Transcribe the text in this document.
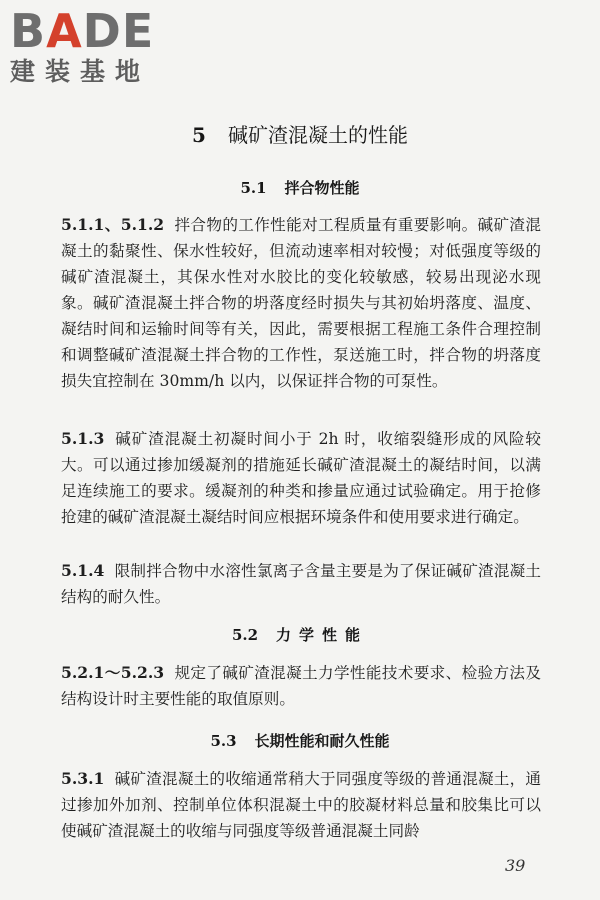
BADE
建装基地
5 碱矿渣混凝土的性能
5.1 拌合物性能

5.1.1、5.1.2 拌合物的工作性能对工程质量有重要影响。碱矿渣混凝土的黏聚性、保水性较好，但流动速率相对较慢；对低强度等级的碱矿渣混凝土，其保水性对水胶比的变化较敏感，较易出现泌水现象。碱矿渣混凝土拌合物的坍落度经时损失与其初始坍落度、温度、凝结时间和运输时间等有关，因此，需要根据工程施工条件合理控制和调整碱矿渣混凝土拌合物的工作性，泵送施工时，拌合物的坍落度损失宜控制在 30mm/h 以内，以保证拌合物的可泵性。

5.1.3 碱矿渣混凝土初凝时间小于 2h 时，收缩裂缝形成的风险较大。可以通过掺加缓凝剂的措施延长碱矿渣混凝土的凝结时间，以满足连续施工的要求。缓凝剂的种类和掺量应通过试验确定。用于抢修抢建的碱矿渣混凝土凝结时间应根据环境条件和使用要求进行确定。

5.1.4 限制拌合物中水溶性氯离子含量主要是为了保证碱矿渣混凝土结构的耐久性。

5.2 力学性能

5.2.1～5.2.3 规定了碱矿渣混凝土力学性能技术要求、检验方法及结构设计时主要性能的取值原则。

5.3 长期性能和耐久性能

5.3.1 碱矿渣混凝土的收缩通常稍大于同强度等级的普通混凝土，通过掺加外加剂、控制单位体积混凝土中的胶凝材料总量和胶集比可以使碱矿渣混凝土的收缩与同强度等级普通混凝土同龄

39
